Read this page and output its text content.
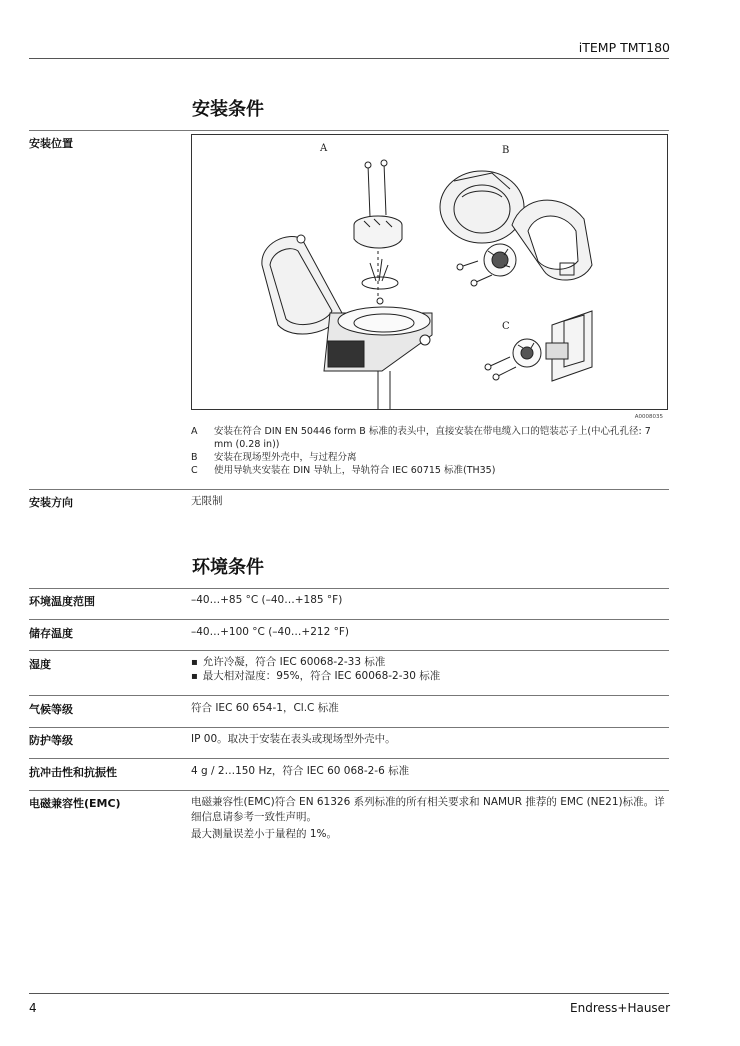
iTEMP TMT180
安装条件
安装位置	A	B
C
A0008035
A 安装在符合 DIN EN 50446 form B 标准的表头中，直接安装在带电缆入口的铠装芯子上(中心孔孔径: 7 mm (0.28 in))
B 安装在现场型外壳中，与过程分离
C 使用导轨夹安装在 DIN 导轨上，导轨符合 IEC 60715 标准(TH35)
安装方向	无限制
环境条件
环境温度范围	–40…+85 °C (–40…+185 °F)
储存温度	–40…+100 °C (–40…+212 °F)
湿度
▪	允许冷凝，符合 IEC 60068-2-33 标准
▪ 最大相对湿度：95%，符合 IEC 60068-2-30 标准
气候等级	符合 IEC 60 654-1，Cl.C 标准
防护等级	IP 00。取决于安装在表头或现场型外壳中。
抗冲击性和抗振性	4 g / 2…150 Hz，符合 IEC 60 068-2-6 标准
电磁兼容性(EMC)	电磁兼容性(EMC)符合 EN 61326 系列标准的所有相关要求和 NAMUR 推荐的 EMC (NE21)标准。详细信息请参考一致性声明。
最大测量误差小于量程的 1%。
4	Endress+Hauser
